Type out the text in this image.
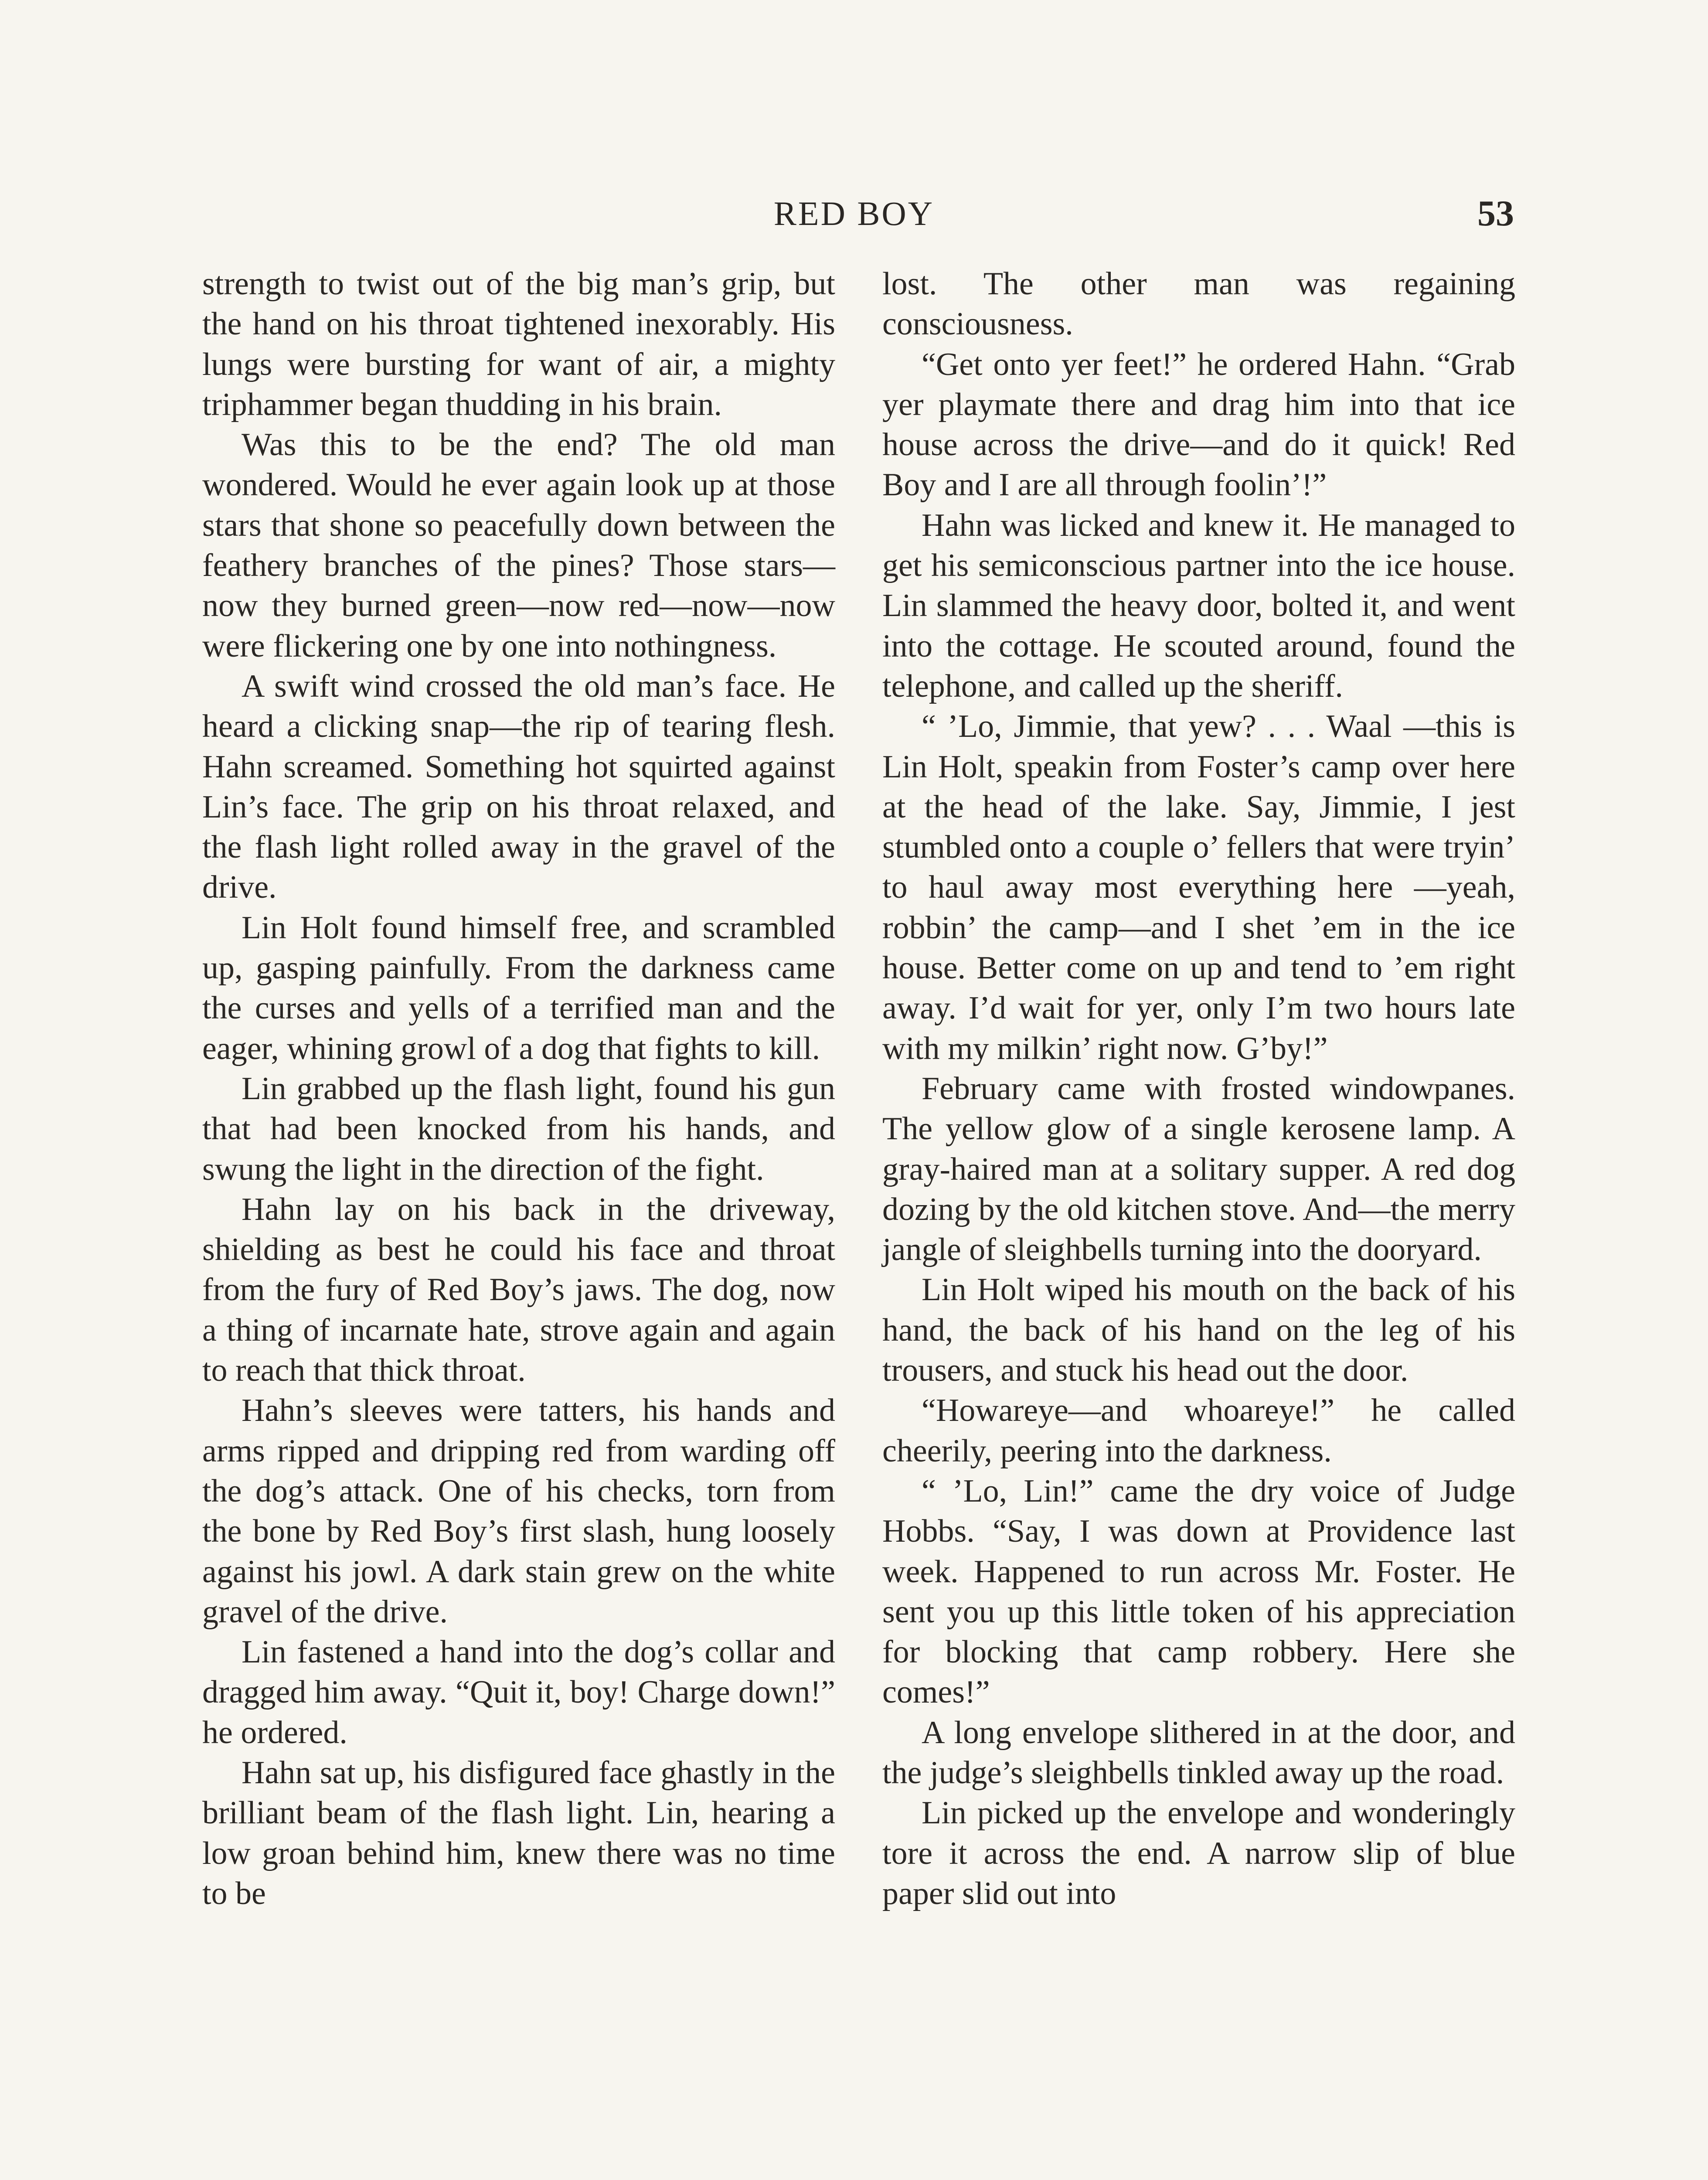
RED BOY	53

strength to twist out of the big man’s grip, but the hand on his throat tightened inexorably. His lungs were bursting for want of air, a mighty triphammer began thudding in his brain.

Was this to be the end? The old man wondered. Would he ever again look up at those stars that shone so peacefully down between the feathery branches of the pines? Those stars—now they burned green—now red—now—now were flickering one by one into nothingness.

A swift wind crossed the old man’s face. He heard a clicking snap—the rip of tearing flesh. Hahn screamed. Something hot squirted against Lin’s face. The grip on his throat relaxed, and the flash light rolled away in the gravel of the drive.

Lin Holt found himself free, and scrambled up, gasping painfully. From the darkness came the curses and yells of a terrified man and the eager, whining growl of a dog that fights to kill.

Lin grabbed up the flash light, found his gun that had been knocked from his hands, and swung the light in the direction of the fight.

Hahn lay on his back in the driveway, shielding as best he could his face and throat from the fury of Red Boy’s jaws. The dog, now a thing of incarnate hate, strove again and again to reach that thick throat.

Hahn’s sleeves were tatters, his hands and arms ripped and dripping red from warding off the dog’s attack. One of his checks, torn from the bone by Red Boy’s first slash, hung loosely against his jowl. A dark stain grew on the white gravel of the drive.

Lin fastened a hand into the dog’s collar and dragged him away. “Quit it, boy! Charge down!” he ordered.

Hahn sat up, his disfigured face ghastly in the brilliant beam of the flash light. Lin, hearing a low groan behind him, knew there was no time to be

lost. The other man was regaining consciousness.

“Get onto yer feet!” he ordered Hahn. “Grab yer playmate there and drag him into that ice house across the drive—and do it quick! Red Boy and I are all through foolin’!”

Hahn was licked and knew it. He managed to get his semiconscious partner into the ice house. Lin slammed the heavy door, bolted it, and went into the cottage. He scouted around, found the telephone, and called up the sheriff.

“ ’Lo, Jimmie, that yew? . . . Waal —this is Lin Holt, speakin from Foster’s camp over here at the head of the lake. Say, Jimmie, I jest stumbled onto a couple o’ fellers that were tryin’ to haul away most everything here —yeah, robbin’ the camp—and I shet ’em in the ice house. Better come on up and tend to ’em right away. I’d wait for yer, only I’m two hours late with my milkin’ right now. G’by!”

February came with frosted windowpanes. The yellow glow of a single kerosene lamp. A gray-haired man at a solitary supper. A red dog dozing by the old kitchen stove. And—the merry jangle of sleighbells turning into the dooryard.

Lin Holt wiped his mouth on the back of his hand, the back of his hand on the leg of his trousers, and stuck his head out the door.

“Howareye—and whoareye!” he called cheerily, peering into the darkness.

“ ’Lo, Lin!” came the dry voice of Judge Hobbs. “Say, I was down at Providence last week. Happened to run across Mr. Foster. He sent you up this little token of his appreciation for blocking that camp robbery. Here she comes!”

A long envelope slithered in at the door, and the judge’s sleighbells tinkled away up the road.

Lin picked up the envelope and wonderingly tore it across the end. A narrow slip of blue paper slid out into
